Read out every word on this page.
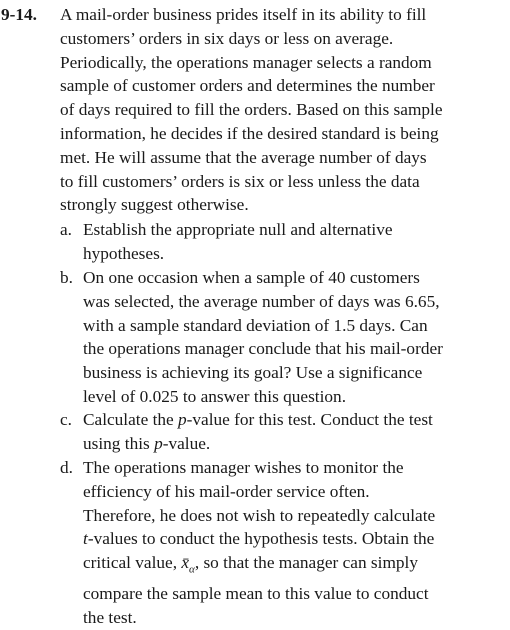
9-14. A mail-order business prides itself in its ability to fill
customers’ orders in six days or less on average.
Periodically, the operations manager selects a random
sample of customer orders and determines the number
of days required to fill the orders. Based on this sample
information, he decides if the desired standard is being
met. He will assume that the average number of days
to fill customers’ orders is six or less unless the data
strongly suggest otherwise.
a. Establish the appropriate null and alternative
hypotheses.
b. On one occasion when a sample of 40 customers
was selected, the average number of days was 6.65,
with a sample standard deviation of 1.5 days. Can
the operations manager conclude that his mail-order
business is achieving its goal? Use a significance
level of 0.025 to answer this question.
c. Calculate the p-value for this test. Conduct the test
using this p-value.
d. The operations manager wishes to monitor the
efficiency of his mail-order service often.
Therefore, he does not wish to repeatedly calculate
t-values to conduct the hypothesis tests. Obtain the
critical value, $x̄_\alpha$, so that the manager can simply
compare the sample mean to this value to conduct
the test.
